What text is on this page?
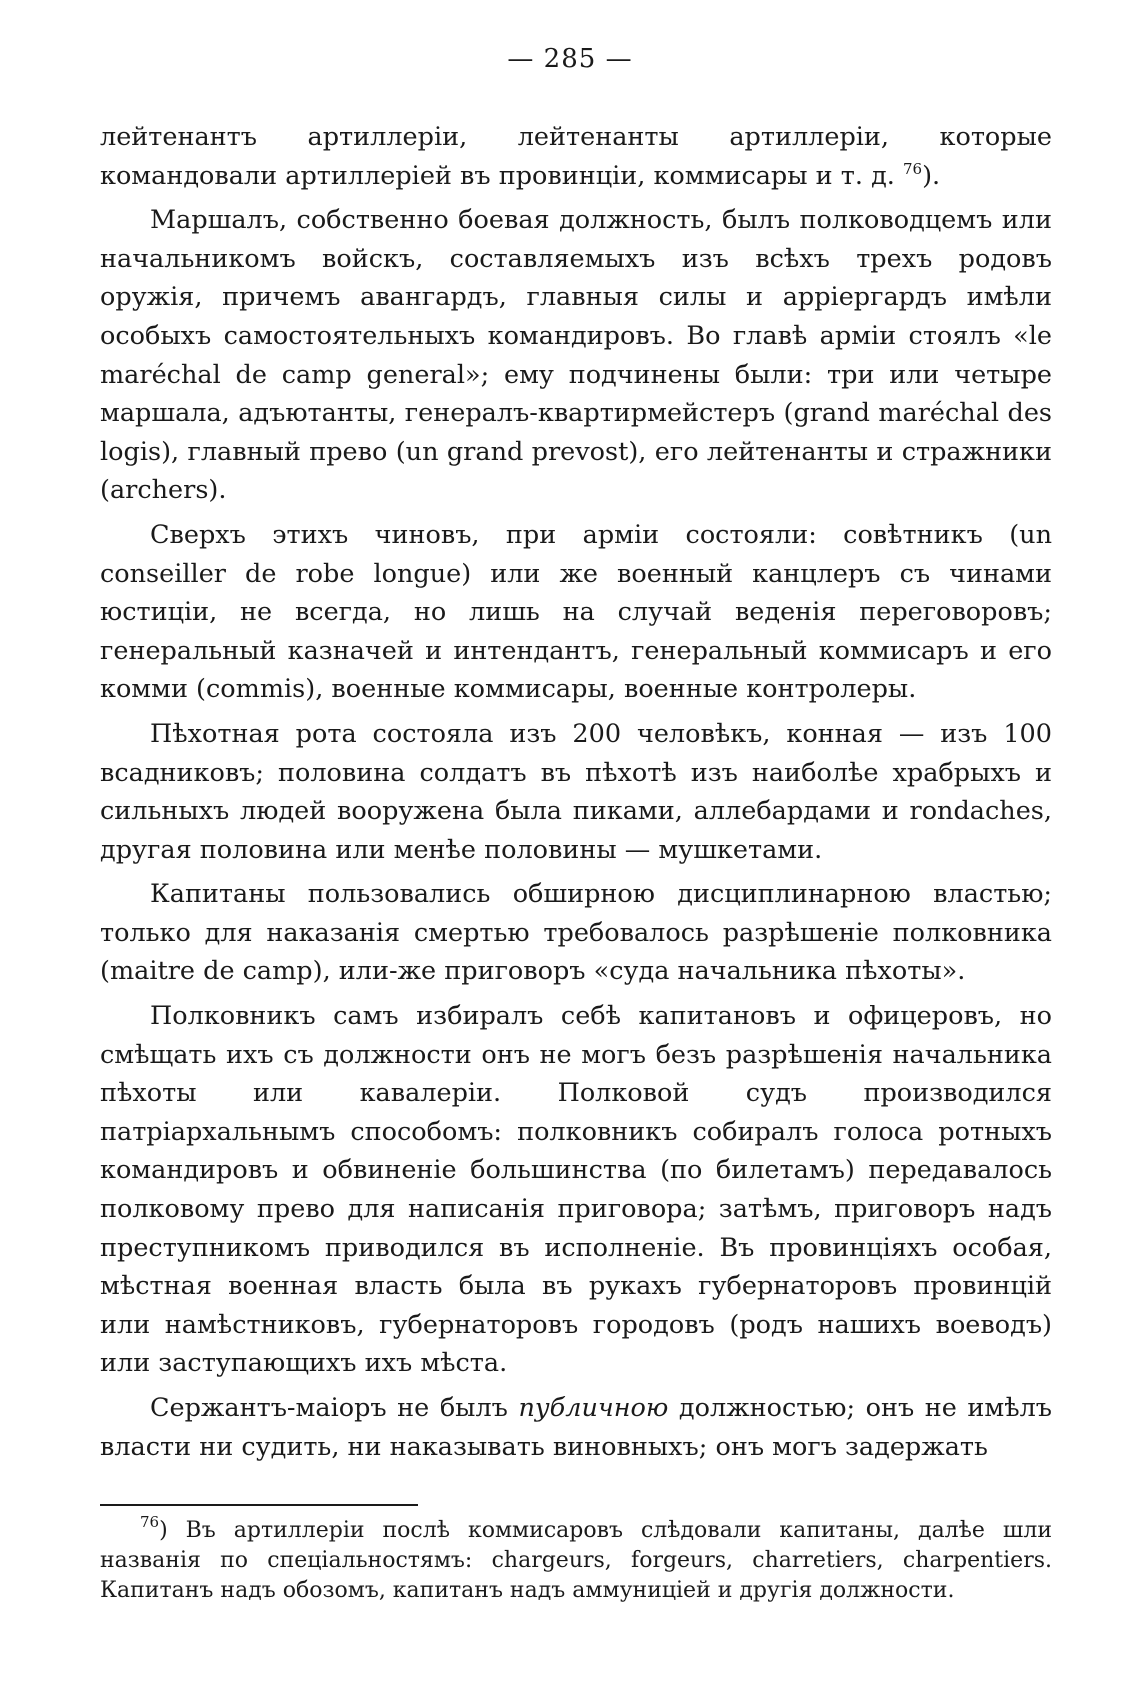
— 285 —

лейтенантъ артиллеріи, лейтенанты артиллеріи, которые командовали артиллеріей въ провинціи, коммисары и т. д. $^{76}$).

Маршалъ, собственно боевая должность, былъ полководцемъ или начальникомъ войскъ, составляемыхъ изъ всѣхъ трехъ родовъ оружія, причемъ авангардъ, главныя силы и арріергардъ имѣли особыхъ самостоятельныхъ командировъ. Во главѣ арміи стоялъ «le maréchal de camp general»; ему подчинены были: три или четыре маршала, адъютанты, генералъ-квартирмейстеръ (grand maréchal des logis), главный прево (un grand prevost), его лейтенанты и стражники (archers).

Сверхъ этихъ чиновъ, при арміи состояли: совѣтникъ (un conseiller de robe longue) или же военный канцлеръ съ чинами юстиціи, не всегда, но лишь на случай веденія переговоровъ; генеральный казначей и интендантъ, генеральный коммисаръ и его комми (commis), военные коммисары, военные контролеры.

Пѣхотная рота состояла изъ 200 человѣкъ, конная — изъ 100 всадниковъ; половина солдатъ въ пѣхотѣ изъ наиболѣе храбрыхъ и сильныхъ людей вооружена была пиками, аллебардами и rondaches, другая половина или менѣе половины — мушкетами.

Капитаны пользовались обширною дисциплинарною властью; только для наказанія смертью требовалось разрѣшеніе полковника (maitre de camp), или-же приговоръ «суда начальника пѣхоты».

Полковникъ самъ избиралъ себѣ капитановъ и офицеровъ, но смѣщать ихъ съ должности онъ не могъ безъ разрѣшенія начальника пѣхоты или кавалеріи. Полковой судъ производился патріархальнымъ способомъ: полковникъ собиралъ голоса ротныхъ командировъ и обвиненіе большинства (по билетамъ) передавалось полковому прево для написанія приговора; затѣмъ, приговоръ надъ преступникомъ приводился въ исполненіе. Въ провинціяхъ особая, мѣстная военная власть была въ рукахъ губернаторовъ провинцій или намѣстниковъ, губернаторовъ городовъ (родъ нашихъ воеводъ) или заступающихъ ихъ мѣста.

Сержантъ-маіоръ не былъ публичною должностью; онъ не имѣлъ власти ни судить, ни наказывать виновныхъ; онъ могъ задержать

$^{76}$) Въ артиллеріи послѣ коммисаровъ слѣдовали капитаны, далѣе шли названія по спеціальностямъ: chargeurs, forgeurs, charretiers, charpentiers. Капитанъ надъ обозомъ, капитанъ надъ аммуниціей и другія должности.
